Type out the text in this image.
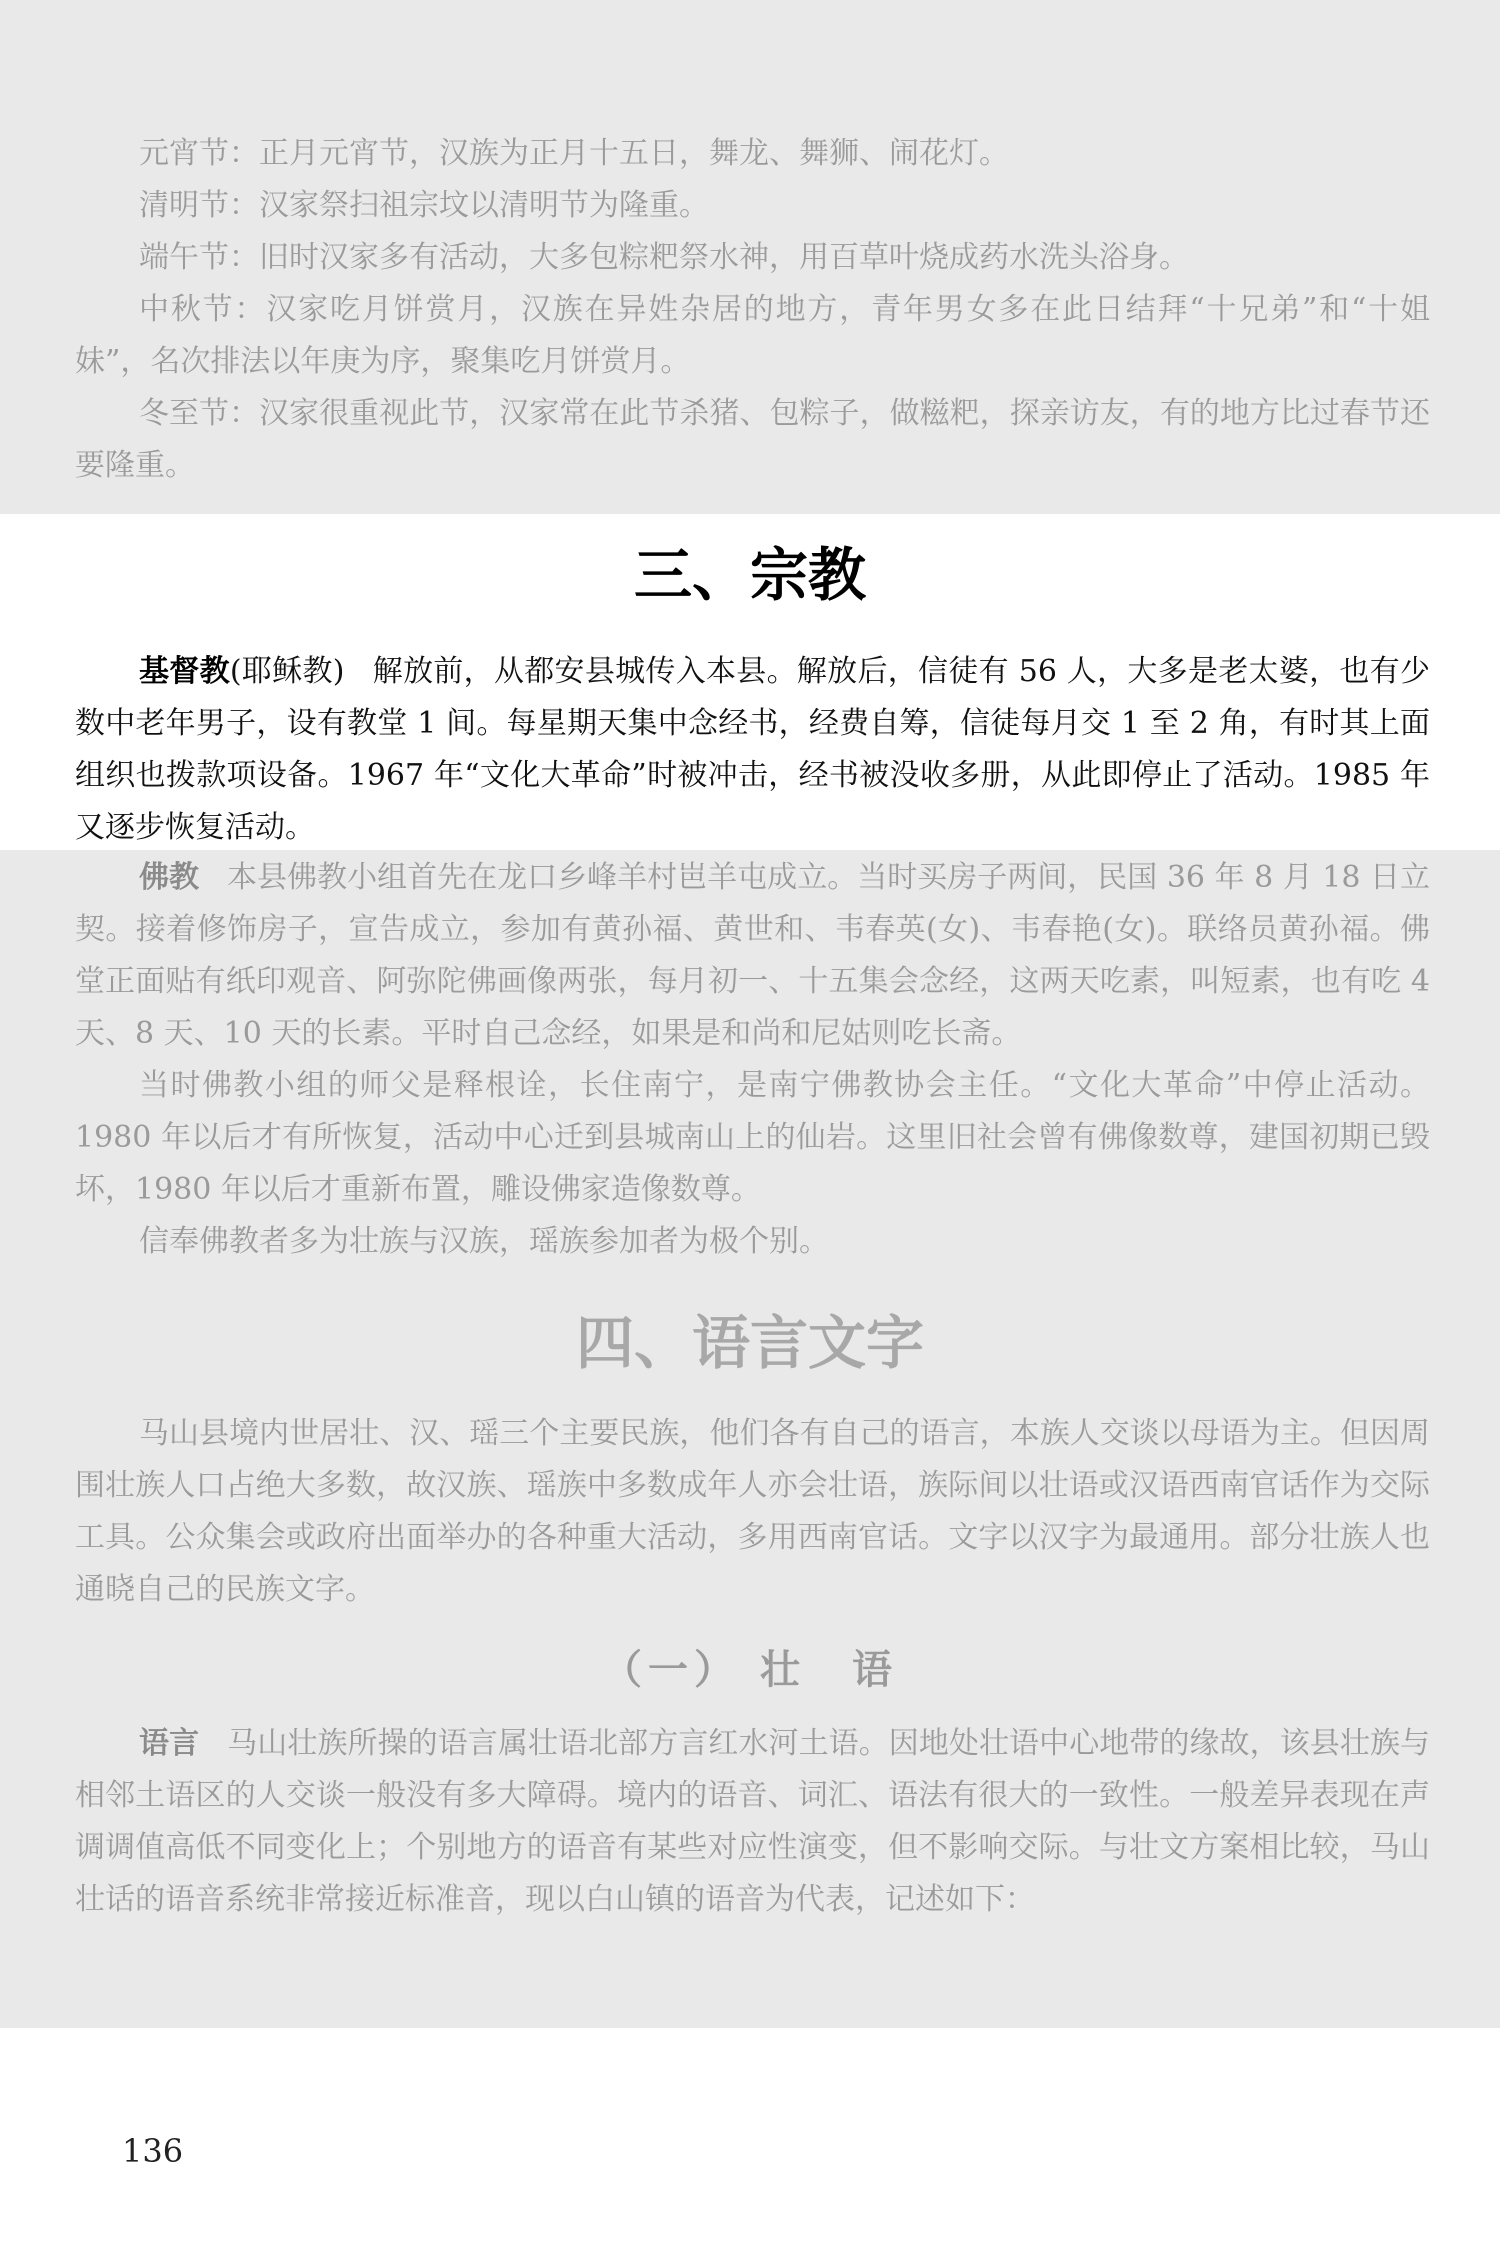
元宵节：正月元宵节，汉族为正月十五日，舞龙、舞狮、闹花灯。

清明节：汉家祭扫祖宗坟以清明节为隆重。

端午节：旧时汉家多有活动，大多包粽粑祭水神，用百草叶烧成药水洗头浴身。

中秋节：汉家吃月饼赏月，汉族在异姓杂居的地方，青年男女多在此日结拜“十兄弟”和“十姐妹”，名次排法以年庚为序，聚集吃月饼赏月。

冬至节：汉家很重视此节，汉家常在此节杀猪、包粽子，做糍粑，探亲访友，有的地方比过春节还要隆重。

三、宗教

基督教(耶稣教) 解放前，从都安县城传入本县。解放后，信徒有 56 人，大多是老太婆，也有少数中老年男子，设有教堂 1 间。每星期天集中念经书，经费自筹，信徒每月交 1 至 2 角，有时其上面组织也拨款项设备。1967 年“文化大革命”时被冲击，经书被没收多册，从此即停止了活动。1985 年又逐步恢复活动。

佛教 本县佛教小组首先在龙口乡峰羊村岜羊屯成立。当时买房子两间，民国 36 年 8 月 18 日立契。接着修饰房子，宣告成立，参加有黄孙福、黄世和、韦春英(女)、韦春艳(女)。联络员黄孙福。佛堂正面贴有纸印观音、阿弥陀佛画像两张，每月初一、十五集会念经，这两天吃素，叫短素，也有吃 4 天、8 天、10 天的长素。平时自己念经，如果是和尚和尼姑则吃长斋。

当时佛教小组的师父是释根诠，长住南宁，是南宁佛教协会主任。“文化大革命”中停止活动。1980 年以后才有所恢复，活动中心迁到县城南山上的仙岩。这里旧社会曾有佛像数尊，建国初期已毁坏，1980 年以后才重新布置，雕设佛家造像数尊。

信奉佛教者多为壮族与汉族，瑶族参加者为极个别。

四、语言文字

马山县境内世居壮、汉、瑶三个主要民族，他们各有自己的语言，本族人交谈以母语为主。但因周围壮族人口占绝大多数，故汉族、瑶族中多数成年人亦会壮语，族际间以壮语或汉语西南官话作为交际工具。公众集会或政府出面举办的各种重大活动，多用西南官话。文字以汉字为最通用。部分壮族人也通晓自己的民族文字。

（一） 壮　语

语言 马山壮族所操的语言属壮语北部方言红水河土语。因地处壮语中心地带的缘故，该县壮族与相邻土语区的人交谈一般没有多大障碍。境内的语音、词汇、语法有很大的一致性。一般差异表现在声调调值高低不同变化上；个别地方的语音有某些对应性演变，但不影响交际。与壮文方案相比较，马山壮话的语音系统非常接近标准音，现以白山镇的语音为代表，记述如下：

136
